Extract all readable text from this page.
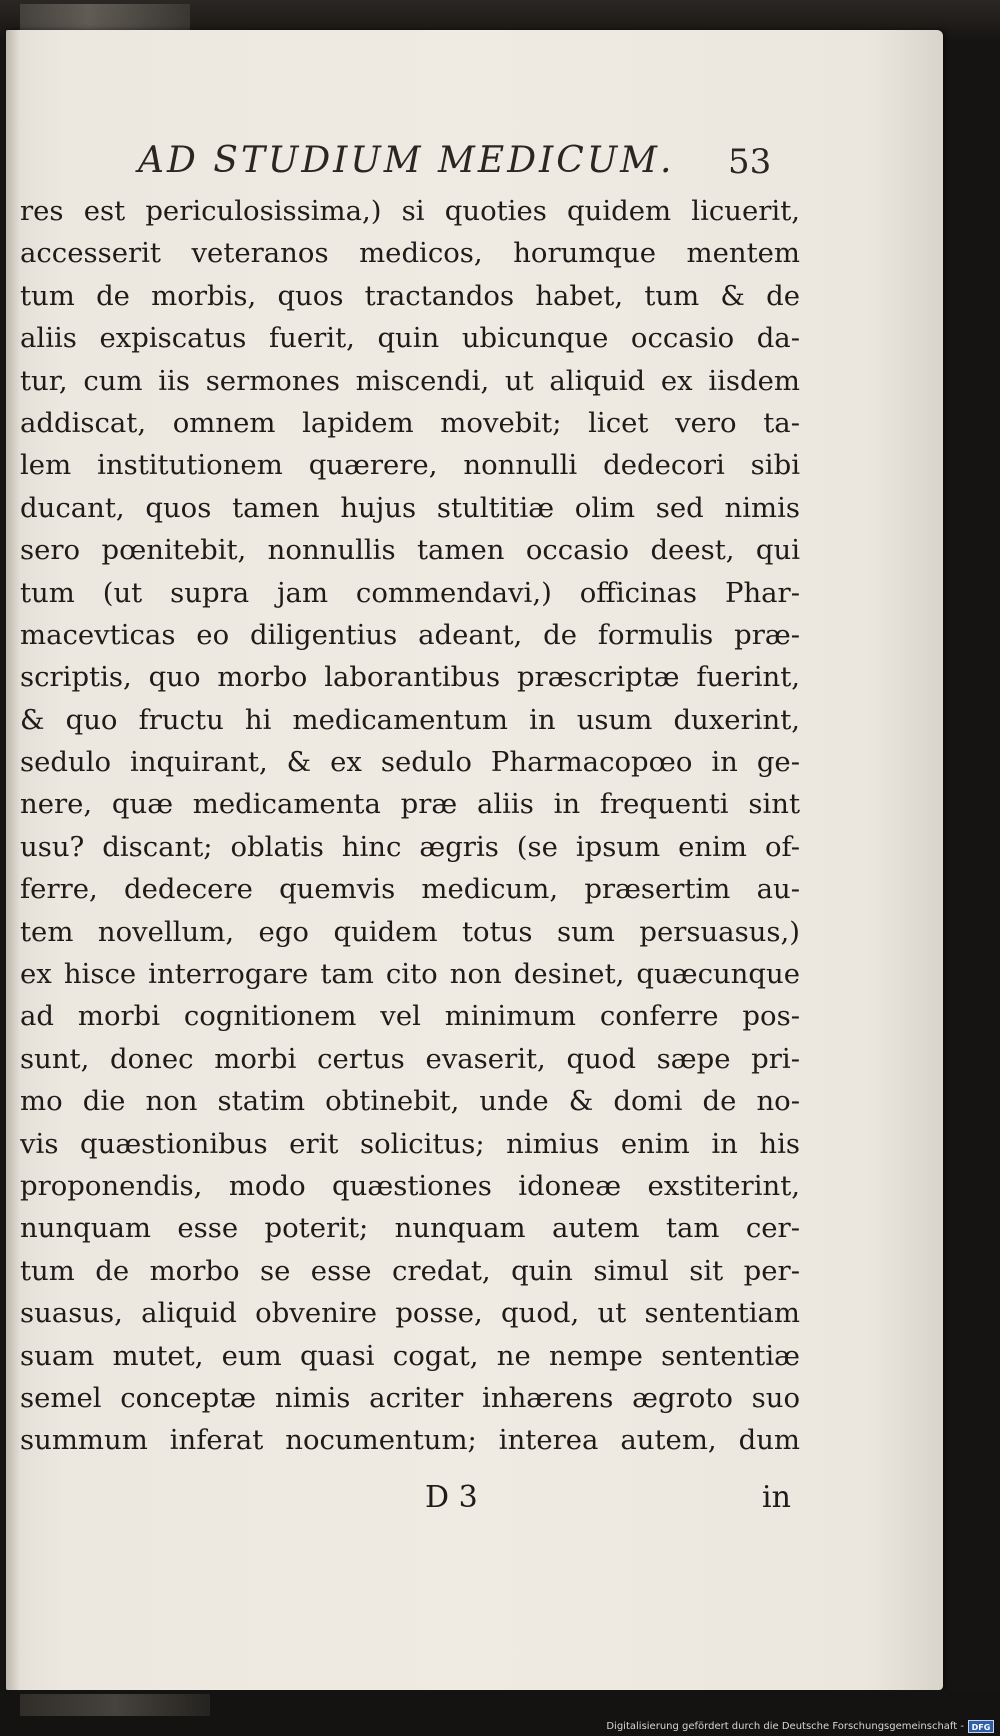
AD STUDIUM MEDICUM.	53
res est periculosissima,) si quoties quidem licuerit,
accesserit veteranos medicos, horumque mentem
tum de morbis, quos tractandos habet, tum & de
aliis expiscatus fuerit, quin ubicunque occasio da-
tur, cum iis sermones miscendi, ut aliquid ex iisdem
addiscat, omnem lapidem movebit; licet vero ta-
lem institutionem quærere, nonnulli dedecori sibi
ducant, quos tamen hujus stultitiæ olim sed nimis
sero pœnitebit, nonnullis tamen occasio deest, qui
tum (ut supra jam commendavi,) officinas Phar-
macevticas eo diligentius adeant, de formulis præ-
scriptis, quo morbo laborantibus præscriptæ fuerint,
& quo fructu hi medicamentum in usum duxerint,
sedulo inquirant, & ex sedulo Pharmacopœo in ge-
nere, quæ medicamenta præ aliis in frequenti sint
usu? discant; oblatis hinc ægris (se ipsum enim of-
ferre, dedecere quemvis medicum, præsertim au-
tem novellum, ego quidem totus sum persuasus,)
ex hisce interrogare tam cito non desinet, quæcunque
ad morbi cognitionem vel minimum conferre pos-
sunt, donec morbi certus evaserit, quod sæpe pri-
mo die non statim obtinebit, unde & domi de no-
vis quæstionibus erit solicitus; nimius enim in his
proponendis, modo quæstiones idoneæ exstiterint,
nunquam esse poterit; nunquam autem tam cer-
tum de morbo se esse credat, quin simul sit per-
suasus, aliquid obvenire posse, quod, ut sententiam
suam mutet, eum quasi cogat, ne nempe sententiæ
semel conceptæ nimis acriter inhærens ægroto suo
summum inferat nocumentum; interea autem, dum
D 3	in
Digitalisierung gefördert durch die Deutsche Forschungsgemeinschaft - DFG
